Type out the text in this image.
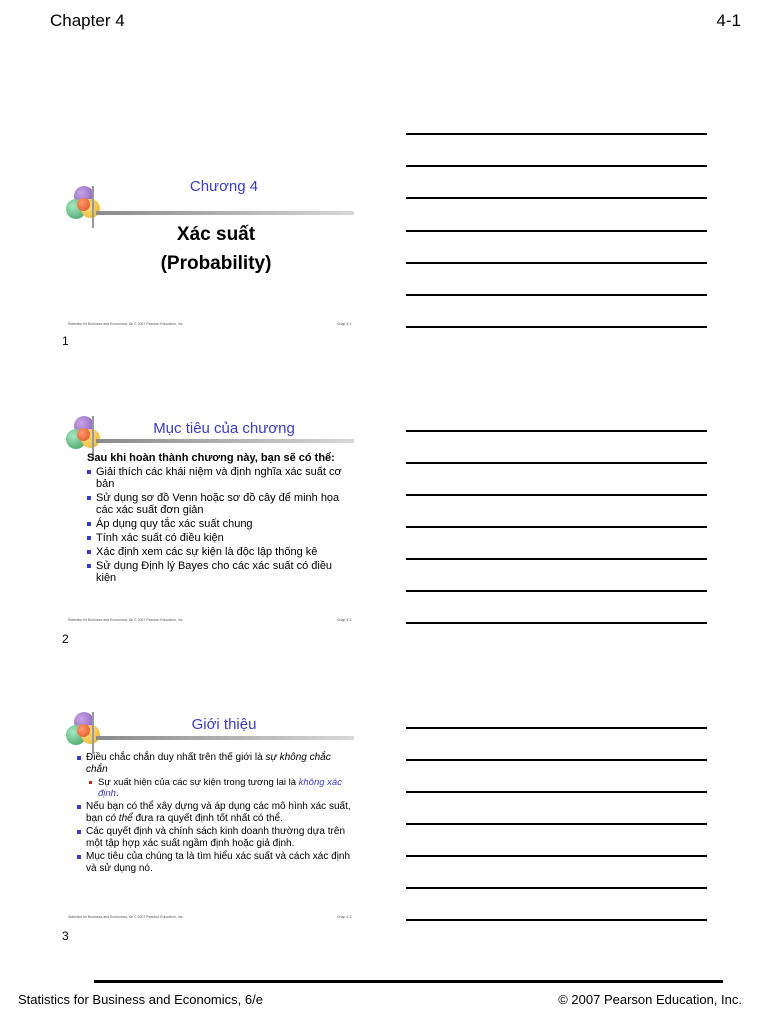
Chapter 4	4-1
Chương 4
Xác suất
(Probability)
Statistics for Business and Economics, 6e © 2007 Pearson Education, Inc.	Chap 4-1
1
Mục tiêu của chương
Sau khi hoàn thành chương này, bạn sẽ có thể:
Giải thích các khái niệm và định nghĩa xác suất cơ bản
Sử dụng sơ đồ Venn hoặc sơ đồ cây để minh họa các xác suất đơn giản
Áp dụng quy tắc xác suất chung
Tính xác suất có điều kiện
Xác định xem các sự kiện là độc lập thống kê
Sử dụng Định lý Bayes cho các xác suất có điều kiện
Statistics for Business and Economics, 6e © 2007 Pearson Education, Inc.	Chap 4-2
2
Giới thiệu
Điều chắc chắn duy nhất trên thế giới là sự không chắc chắn
Sự xuất hiện của các sự kiện trong tương lai là không xác định.
Nếu bạn có thể xây dựng và áp dụng các mô hình xác suất, bạn có thể đưa ra quyết định tốt nhất có thể.
Các quyết định và chính sách kinh doanh thường dựa trên một tập hợp xác suất ngầm định hoặc giả định.
Mục tiêu của chúng ta là tìm hiểu xác suất và cách xác định và sử dụng nó.
Statistics for Business and Economics, 6e © 2007 Pearson Education, Inc.	Chap 4-3
3
Statistics for Business and Economics, 6/e	© 2007 Pearson Education, Inc.
